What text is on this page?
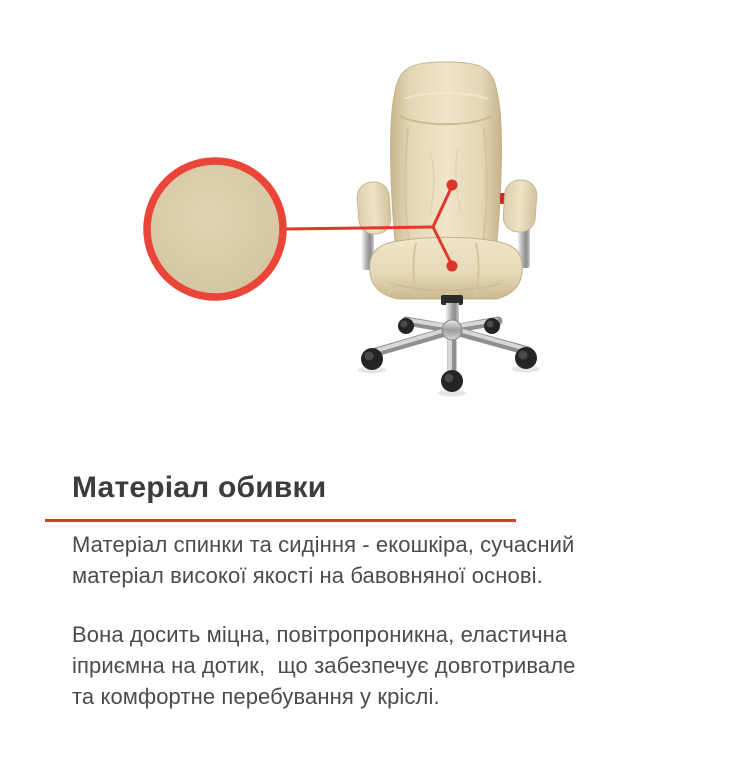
Матеріал обивки
Матеріал спинки та сидіння - екошкіра, сучасний
матеріал високої якості на бавовняної основі.
Вона досить міцна, повітропроникна, еластична
іприємна на дотик,  що забезпечує довготривале
та комфортне перебування у кріслі.
